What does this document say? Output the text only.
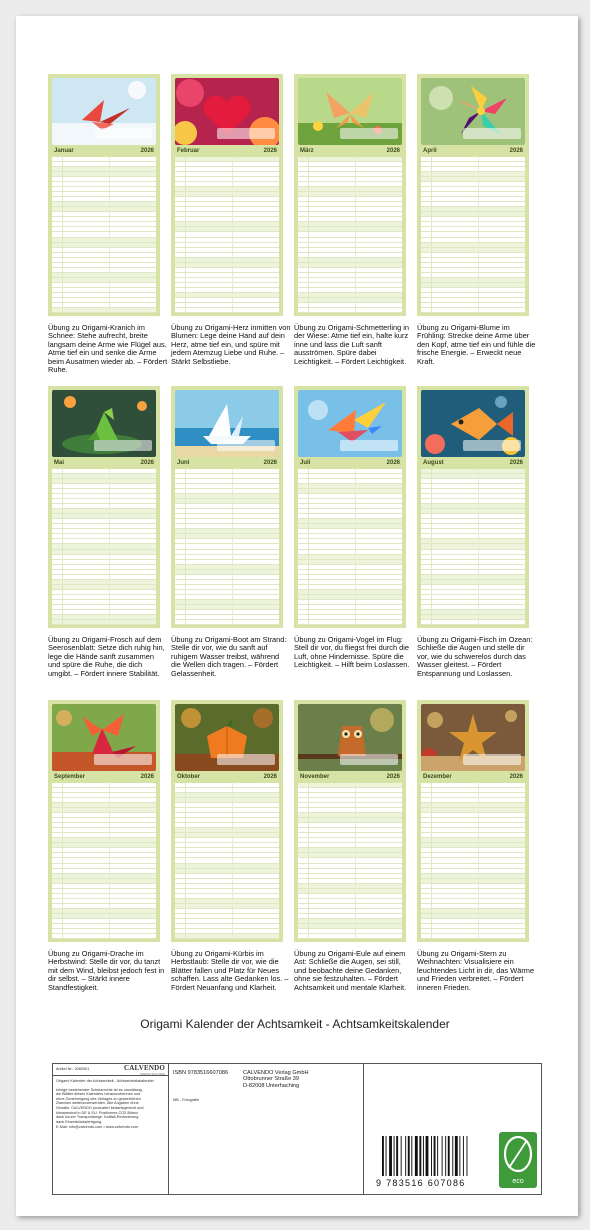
Januar	2026
Übung zu Origami-Kranich im Schnee: Stehe aufrecht, breite langsam deine Arme wie Flügel aus. Atme tief ein und senke die Arme beim Ausatmen wieder ab. – Fördert Ruhe.
Februar	2026
Übung zu Origami-Herz inmitten von Blumen: Lege deine Hand auf dein Herz, atme tief ein, und spüre mit jedem Atemzug Liebe und Ruhe. – Stärkt Selbstliebe.
März	2026
Übung zu Origami-Schmetterling in der Wiese: Atme tief ein, halte kurz inne und lass die Luft sanft ausströmen. Spüre dabei Leichtigkeit. – Fördert Leichtigkeit.
April	2026
Übung zu Origami-Blume im Frühling: Strecke deine Arme über den Kopf, atme tief ein und fühle die frische Energie. – Erweckt neue Kraft.
Mai	2026
Übung zu Origami-Frosch auf dem Seerosenblatt: Setze dich ruhig hin, lege die Hände sanft zusammen und spüre die Ruhe, die dich umgibt. – Fördert innere Stabilität.
Juni	2026
Übung zu Origami-Boot am Strand: Stelle dir vor, wie du sanft auf ruhigem Wasser treibst, während die Wellen dich tragen. – Fördert Gelassenheit.
Juli	2026
Übung zu Origami-Vogel im Flug: Stell dir vor, du fliegst frei durch die Luft, ohne Hindernisse. Spüre die Leichtigkeit. – Hilft beim Loslassen.
August	2026
Übung zu Origami-Fisch im Ozean: Schließe die Augen und stelle dir vor, wie du schwerelos durch das Wasser gleitest. – Fördert Entspannung und Loslassen.
September	2026
Übung zu Origami-Drache im Herbstwind: Stelle dir vor, du tanzt mit dem Wind, bleibst jedoch fest in dir selbst. – Stärkt innere Standfestigkeit.
Oktober	2026
Übung zu Origami-Kürbis im Herbstlaub: Stelle dir vor, wie die Blätter fallen und Platz für Neues schaffen. Lass alte Gedanken los. – Fördert Neuanfang und Klarheit.
November	2026
Übung zu Origami-Eule auf einem Ast: Schließe die Augen, sei still, und beobachte deine Gedanken, ohne sie festzuhalten. – Fördert Achtsamkeit und mentale Klarheit.
Dezember	2026
Übung zu Origami-Stern zu Weihnachten: Visualisiere ein leuchtendes Licht in dir, das Wärme und Frieden verbreitet. – Fördert inneren Frieden.
Origami Kalender der Achtsamkeit - Achtsamkeitskalender
Artikel Nr.: 2080901	CALVENDO
MARKETING FREE
Origami Kalender der Achtsamkeit - Achtsamkeitskalender
Infolge bestehender Schutzrechte ist es unzulässig, die Blätter dieses Kalenders herauszutrennen und ohne Genehmigung des Verlages zu gewerblichen Zwecken weiterzuverwenden. Alle Angaben ohne Gewähr. CALVENDO produziert bedarfsgerecht und klimaneutral in DE & EU. Positiveres CO2-Bilanz dank kurzer Transportwege. Kaltfall-Reduzierung dank Einzelstücksfertigung.
E-Mail: info@calvendo.com • www.calvendo.com
ISBN 9783516607086	CALVENDO Verlag GmbH
Ottobrunner Straße 39
D-82008 Unterhaching
MB - Fotografie
9 783516 607086	eco
